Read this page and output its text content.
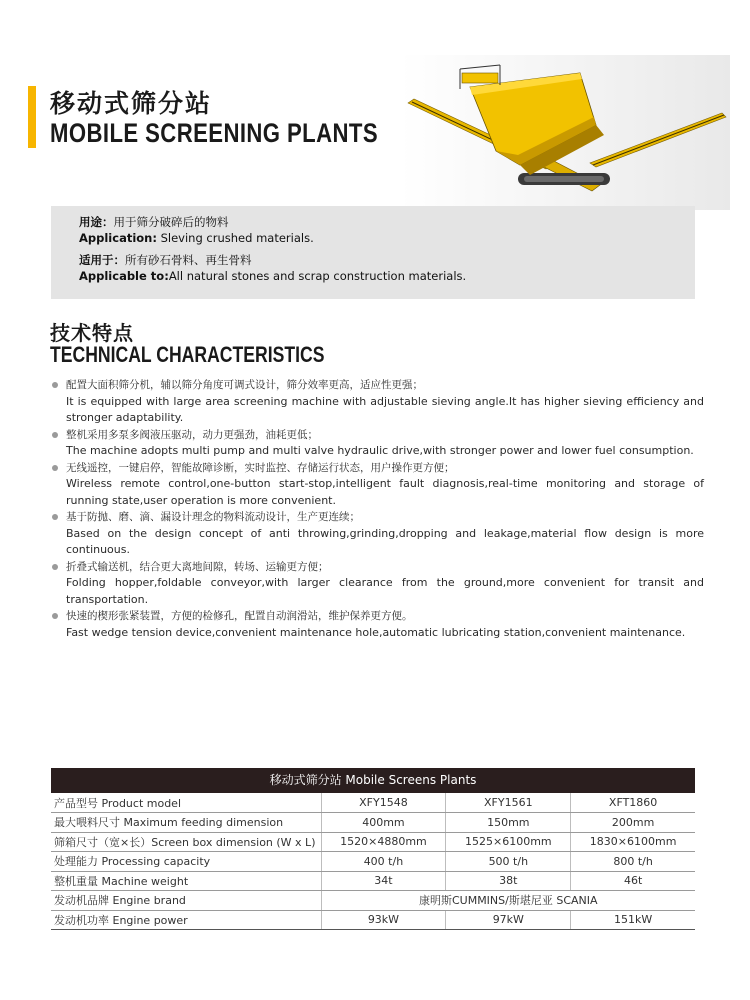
移动式筛分站
MOBILE SCREENING PLANTS
用途：用于筛分破碎后的物料
Application: Sleving crushed materials.
适用于：所有砂石骨料、再生骨料
Applicable to:All natural stones and scrap construction materials.
技术特点
TECHNICAL CHARACTERISTICS
配置大面积筛分机，辅以筛分角度可调式设计，筛分效率更高，适应性更强；
It is equipped with large area screening machine with adjustable sieving angle.It has higher sieving efficiency and stronger adaptability.
整机采用多泵多阀液压驱动，动力更强劲，油耗更低；
The machine adopts multi pump and multi valve hydraulic drive,with stronger power and lower fuel consumption.
无线遥控，一键启停，智能故障诊断，实时监控、存储运行状态，用户操作更方便；
Wireless remote control,one-button start-stop,intelligent fault diagnosis,real-time monitoring and storage of running state,user operation is more convenient.
基于防抛、磨、滴、漏设计理念的物料流动设计，生产更连续；
Based on the design concept of anti throwing,grinding,dropping and leakage,material flow design is more continuous.
折叠式输送机，结合更大离地间隙，转场、运输更方便；
Folding hopper,foldable conveyor,with larger clearance from the ground,more convenient for transit and transportation.
快速的楔形张紧装置，方便的检修孔，配置自动润滑站，维护保养更方便。
Fast wedge tension device,convenient maintenance hole,automatic lubricating station,convenient maintenance.
移动式筛分站 Mobile Screens Plants
产品型号 Product model	XFY1548	XFY1561	XFT1860
最大喂料尺寸 Maximum feeding dimension	400mm	150mm	200mm
筛箱尺寸（宽×长）Screen box dimension (W x L)	1520×4880mm	1525×6100mm	1830×6100mm
处理能力 Processing capacity	400 t/h	500 t/h	800 t/h
整机重量 Machine weight	34t	38t	46t
发动机品牌 Engine brand	康明斯CUMMINS/斯堪尼亚 SCANIA		
发动机功率 Engine power	93kW	97kW	151kW
